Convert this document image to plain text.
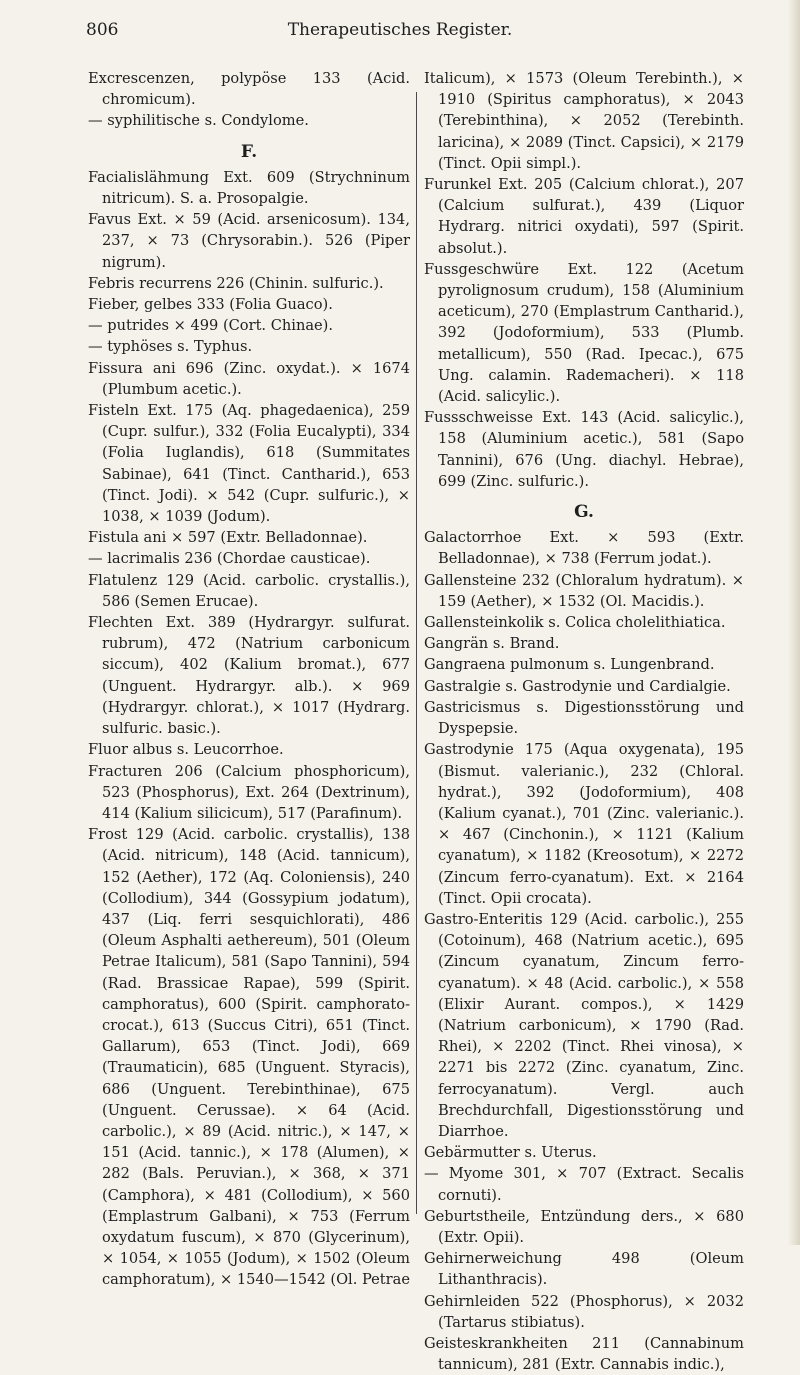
806	Therapeutisches Register.

Excrescenzen, polypöse 133 (Acid. chromicum).

— syphilitische s. Condylome.

F.

Facialislähmung Ext. 609 (Strychninum nitricum). S. a. Prosopalgie.

Favus Ext. × 59 (Acid. arsenicosum). 134, 237, × 73 (Chrysorabin.). 526 (Piper nigrum).

Febris recurrens 226 (Chinin. sulfuric.).

Fieber, gelbes 333 (Folia Guaco).

— putrides × 499 (Cort. Chinae).

— typhöses s. Typhus.

Fissura ani 696 (Zinc. oxydat.). × 1674 (Plumbum acetic.).

Fisteln Ext. 175 (Aq. phagedaenica), 259 (Cupr. sulfur.), 332 (Folia Eucalypti), 334 (Folia Iuglandis), 618 (Summitates Sabinae), 641 (Tinct. Cantharid.), 653 (Tinct. Jodi). × 542 (Cupr. sulfuric.), × 1038, × 1039 (Jodum).

Fistula ani × 597 (Extr. Belladonnae).

— lacrimalis 236 (Chordae causticae).

Flatulenz 129 (Acid. carbolic. crystallis.), 586 (Semen Erucae).

Flechten Ext. 389 (Hydrargyr. sulfurat. rubrum), 472 (Natrium carbonicum siccum), 402 (Kalium bromat.), 677 (Unguent. Hydrargyr. alb.). × 969 (Hydrargyr. chlorat.), × 1017 (Hydrarg. sulfuric. basic.).

Fluor albus s. Leucorrhoe.

Fracturen 206 (Calcium phosphoricum), 523 (Phosphorus), Ext. 264 (Dextrinum), 414 (Kalium silicicum), 517 (Parafinum).

Frost 129 (Acid. carbolic. crystallis), 138 (Acid. nitricum), 148 (Acid. tannicum), 152 (Aether), 172 (Aq. Coloniensis), 240 (Collodium), 344 (Gossypium jodatum), 437 (Liq. ferri sesquichlorati), 486 (Oleum Asphalti aethereum), 501 (Oleum Petrae Italicum), 581 (Sapo Tannini), 594 (Rad. Brassicae Rapae), 599 (Spirit. camphoratus), 600 (Spirit. camphorato-crocat.), 613 (Succus Citri), 651 (Tinct. Gallarum), 653 (Tinct. Jodi), 669 (Traumaticin), 685 (Unguent. Styracis), 686 (Unguent. Terebinthinae), 675 (Unguent. Cerussae). × 64 (Acid. carbolic.), × 89 (Acid. nitric.), × 147, × 151 (Acid. tannic.), × 178 (Alumen), × 282 (Bals. Peruvian.), × 368, × 371 (Camphora), × 481 (Collodium), × 560 (Emplastrum Galbani), × 753 (Ferrum oxydatum fuscum), × 870 (Glycerinum), × 1054, × 1055 (Jodum), × 1502 (Oleum camphoratum), × 1540—1542 (Ol. Petrae

Italicum), × 1573 (Oleum Terebinth.), × 1910 (Spiritus camphoratus), × 2043 (Terebinthina), × 2052 (Terebinth. laricina), × 2089 (Tinct. Capsici), × 2179 (Tinct. Opii simpl.).

Furunkel Ext. 205 (Calcium chlorat.), 207 (Calcium sulfurat.), 439 (Liquor Hydrarg. nitrici oxydati), 597 (Spirit. absolut.).

Fussgeschwüre Ext. 122 (Acetum pyrolignosum crudum), 158 (Aluminium aceticum), 270 (Emplastrum Cantharid.), 392 (Jodoformium), 533 (Plumb. metallicum), 550 (Rad. Ipecac.), 675 Ung. calamin. Rademacheri). × 118 (Acid. salicylic.).

Fussschweisse Ext. 143 (Acid. salicylic.), 158 (Aluminium acetic.), 581 (Sapo Tannini), 676 (Ung. diachyl. Hebrae), 699 (Zinc. sulfuric.).

G.

Galactorrhoe Ext. × 593 (Extr. Belladonnae), × 738 (Ferrum jodat.).

Gallensteine 232 (Chloralum hydratum). × 159 (Aether), × 1532 (Ol. Macidis.).

Gallensteinkolik s. Colica cholelithiatica.

Gangrän s. Brand.

Gangraena pulmonum s. Lungenbrand.

Gastralgie s. Gastrodynie und Cardialgie.

Gastricismus s. Digestionsstörung und Dyspepsie.

Gastrodynie 175 (Aqua oxygenata), 195 (Bismut. valerianic.), 232 (Chloral. hydrat.), 392 (Jodoformium), 408 (Kalium cyanat.), 701 (Zinc. valerianic.). × 467 (Cinchonin.), × 1121 (Kalium cyanatum), × 1182 (Kreosotum), × 2272 (Zincum ferro-cyanatum). Ext. × 2164 (Tinct. Opii crocata).

Gastro-Enteritis 129 (Acid. carbolic.), 255 (Cotoinum), 468 (Natrium acetic.), 695 (Zincum cyanatum, Zincum ferro-cyanatum). × 48 (Acid. carbolic.), × 558 (Elixir Aurant. compos.), × 1429 (Natrium carbonicum), × 1790 (Rad. Rhei), × 2202 (Tinct. Rhei vinosa), × 2271 bis 2272 (Zinc. cyanatum, Zinc. ferrocyanatum). Vergl. auch Brechdurchfall, Digestionsstörung und Diarrhoe.

Gebärmutter s. Uterus.

— Myome 301, × 707 (Extract. Secalis cornuti).

Geburtstheile, Entzündung ders., × 680 (Extr. Opii).

Gehirnerweichung 498 (Oleum Lithanthracis).

Gehirnleiden 522 (Phosphorus), × 2032 (Tartarus stibiatus).

Geisteskrankheiten 211 (Cannabinum tannicum), 281 (Extr. Cannabis indic.),
